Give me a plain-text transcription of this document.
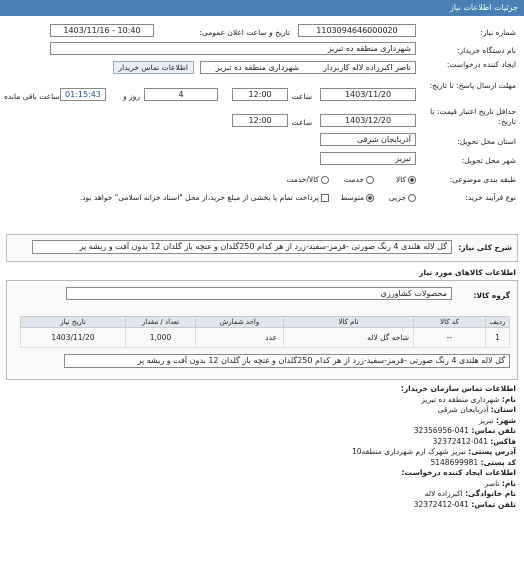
جزئیات اطلاعات نیاز
شماره نیاز:
1103094646000020
تاریخ و ساعت اعلان عمومی:
1403/11/16 - 10:40
نام دستگاه خریدار:
شهرداری منطقه ده تبریز
ایجاد کننده درخواست:
ناصر اکبرزاده لاله کاربردازشهرداری منطقه ده تبریز
اطلاعات تماس خریدار
مهلت ارسال پاسخ: تا تاریخ:
1403/11/20
ساعت
12:00
4
روز و
01:15:43
ساعت باقی مانده
حداقل تاریخ اعتبار قیمت: تا تاریخ:
1403/12/20
ساعت
12:00
استان محل تحویل:
آذربایجان شرقی
شهر محل تحویل:
تبریز
طبقه بندی موضوعی:
کالا
خدمت
کالا/خدمت
نوع فرآیند خرید:
جزیی
متوسط
پرداخت تمام یا بخشی از مبلغ خرید،از محل "اسناد خزانه اسلامی" خواهد بود.
شرح کلی نیاز:
گل لاله هلندی 4 رنگ صورتی -قرمز-سفید-زرد از هر کدام 250گلدان و غنچه باز گلدان 12 بدون آفت و ریشه پر
اطلاعات کالاهای مورد نیاز
گروه کالا:
محصولات کشاورزی
ردیف	کد کالا	نام کالا	واحد شمارش	تعداد / مقدار	تاریخ نیاز
1	--	شاخه گل لاله	عدد	1,000	1403/11/20
گل لاله هلندی 4 رنگ صورتی -قرمز-سفید-زرد از هر کدام 250گلدان و غنچه باز گلدان 12 بدون آفت و ریشه پر
اطلاعات تماس سازمان خریدار:
نام: شهرداری منطقه ده تبریز
استان: آذربایجان شرقی
شهر: تبریز
تلفن تماس: 041-32356956
فاکس: 041-32372412
آدرس پستی: تبریز شهرک ارم شهرداری منطقه10
کد پستی: 5148699981
اطلاعات ایجاد کننده درخواست:
نام: ناصر
نام خانوادگی: اکبرزاده لاله
تلفن تماس: 041-32372412
